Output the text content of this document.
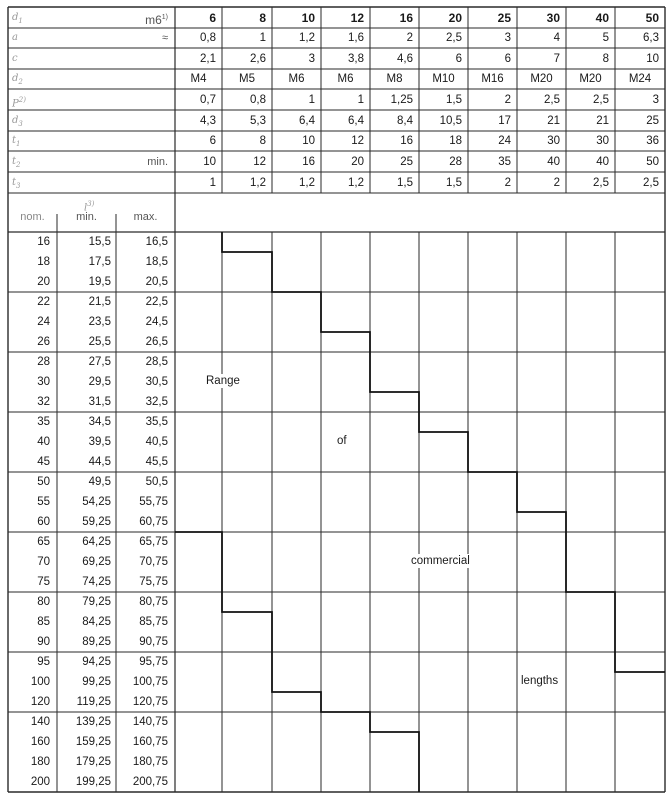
$d_1$	m6$^{1)}$	6	8	10	12	16	20	25	30	40	50
a	≈	0,8	1	1,2	1,6	2	2,5	3	4	5	6,3
c	2,1	2,6	3	3,8	4,6	6	6	7	8	10
$d_2$	M4	M5	M6	M6	M8	M10	M16	M20	M20	M24
$P^{2)}$	0,7	0,8	1	1	1,25	1,5	2	2,5	2,5	3
$d_3$	4,3	5,3	6,4	6,4	8,4	10,5	17	21	21	25
$t_1$	6	8	10	12	16	18	24	30	30	36
$t_2$	min.	10	12	16	20	25	28	35	40	40	50
$t_3$	1	1,2	1,2	1,2	1,5	1,5	2	2	2,5	2,5
$l^{3)}$
nom.	min.	max.
16	15,5	16,5
18	17,5	18,5
20	19,5	20,5
22	21,5	22,5
24	23,5	24,5
26	25,5	26,5
28	27,5	28,5
30	29,5	30,5
32	31,5	32,5
35	34,5	35,5
40	39,5	40,5
45	44,5	45,5
50	49,5	50,5
55	54,25	55,75
60	59,25	60,75
65	64,25	65,75
70	69,25	70,75
75	74,25	75,75
80	79,25	80,75
85	84,25	85,75
90	89,25	90,75
95	94,25	95,75
100	99,25	100,75
120	119,25	120,75
140	139,25	140,75
160	159,25	160,75
180	179,25	180,75
200	199,25	200,75
Range
of
commercial
lengths
